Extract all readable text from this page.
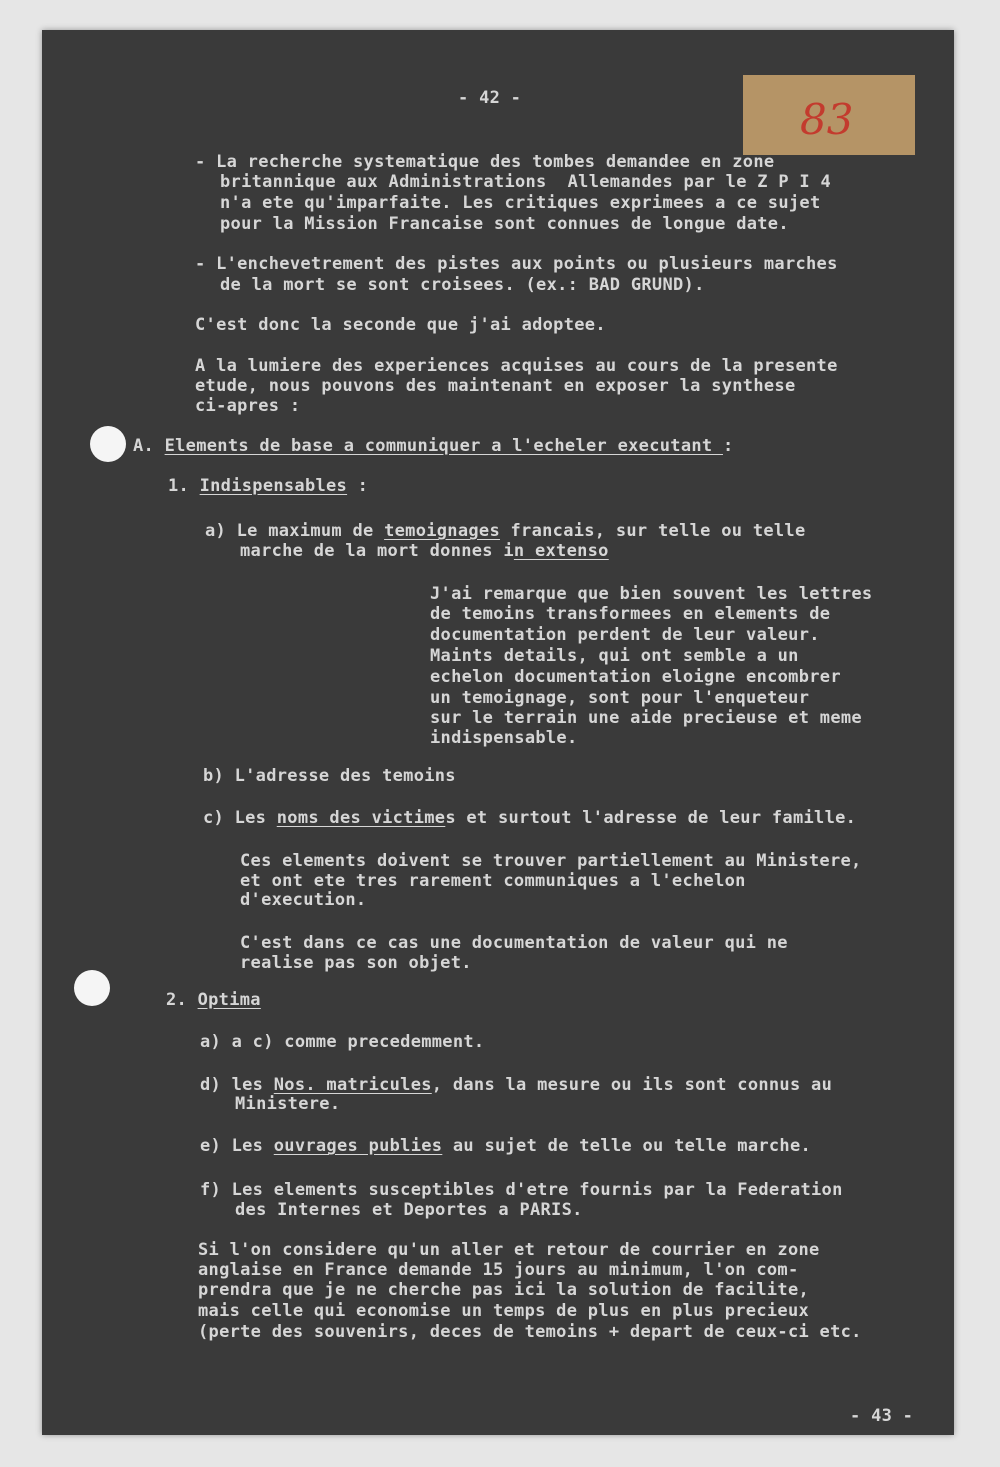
83
- 42 -
- 43 -
- La recherche systematique des tombes demandee en zone
britannique aux Administrations  Allemandes par le Z P I 4
n'a ete qu'imparfaite. Les critiques exprimees a ce sujet
pour la Mission Francaise sont connues de longue date.
- L'enchevetrement des pistes aux points ou plusieurs marches
de la mort se sont croisees. (ex.: BAD GRUND).
C'est donc la seconde que j'ai adoptee.
A la lumiere des experiences acquises au cours de la presente
etude, nous pouvons des maintenant en exposer la synthese
ci-apres :
A. Elements de base a communiquer a l'echeler executant :
1. Indispensables :
a) Le maximum de temoignages francais, sur telle ou telle
marche de la mort donnes in extenso
J'ai remarque que bien souvent les lettres
de temoins transformees en elements de
documentation perdent de leur valeur.
Maints details, qui ont semble a un
echelon documentation eloigne encombrer
un temoignage, sont pour l'enqueteur
sur le terrain une aide precieuse et meme
indispensable.
b) L'adresse des temoins
c) Les noms des victimes et surtout l'adresse de leur famille.
Ces elements doivent se trouver partiellement au Ministere,
et ont ete tres rarement communiques a l'echelon
d'execution.
C'est dans ce cas une documentation de valeur qui ne
realise pas son objet.
2. Optima
a) a c) comme precedemment.
d) les Nos. matricules, dans la mesure ou ils sont connus au
Ministere.
e) Les ouvrages publies au sujet de telle ou telle marche.
f) Les elements susceptibles d'etre fournis par la Federation
des Internes et Deportes a PARIS.
Si l'on considere qu'un aller et retour de courrier en zone
anglaise en France demande 15 jours au minimum, l'on com-
prendra que je ne cherche pas ici la solution de facilite,
mais celle qui economise un temps de plus en plus precieux
(perte des souvenirs, deces de temoins + depart de ceux-ci etc.
